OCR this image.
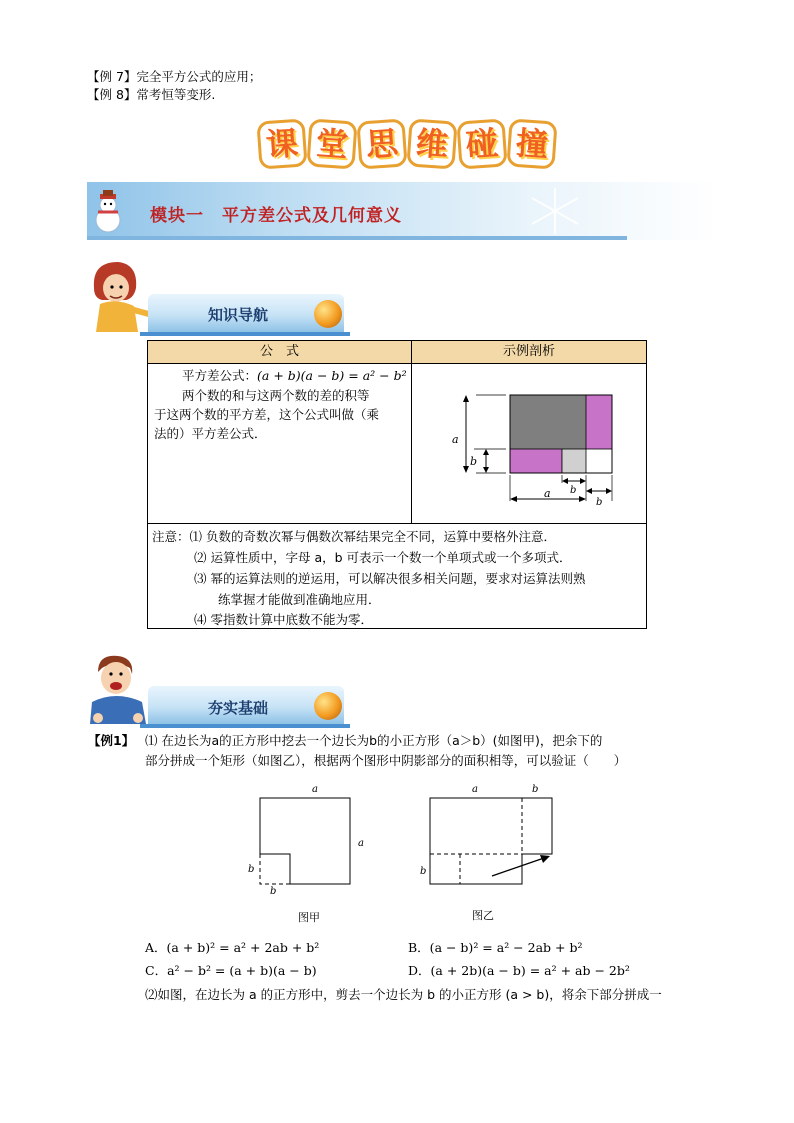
【例 7】完全平方公式的应用；
【例 8】常考恒等变形.
课 堂 思 维 碰 撞
模块一　平方差公式及几何意义
知识导航
公　式	示例剖析
平方差公式：(a + b)(a − b) = a² − b²
两个数的和与这两个数的差的积等
于这两个数的平方差，这个公式叫做（乘
法的）平方差公式．	a
b
a b
b
注意：⑴ 负数的奇数次幂与偶数次幂结果完全不同，运算中要格外注意．
⑵ 运算性质中，字母 a，b 可表示一个数一个单项式或一个多项式．
⑶ 幂的运算法则的逆运用，可以解决很多相关问题，要求对运算法则熟
练掌握才能做到准确地应用．
⑷ 零指数计算中底数不能为零．
夯实基础
【例1】 ⑴ 在边长为a的正方形中挖去一个边长为b的小正方形（a＞b）(如图甲)，把余下的
部分拼成一个矩形（如图乙），根据两个图形中阴影部分的面积相等，可以验证（　　）
a
a
b
b
图甲
a	b
b
图乙
A．(a + b)² = a² + 2ab + b²	B．(a − b)² = a² − 2ab + b²
C．a² − b² = (a + b)(a − b)	D．(a + 2b)(a − b) = a² + ab − 2b²
⑵如图，在边长为 a 的正方形中，剪去一个边长为 b 的小正方形 (a > b)，将余下部分拼成一
